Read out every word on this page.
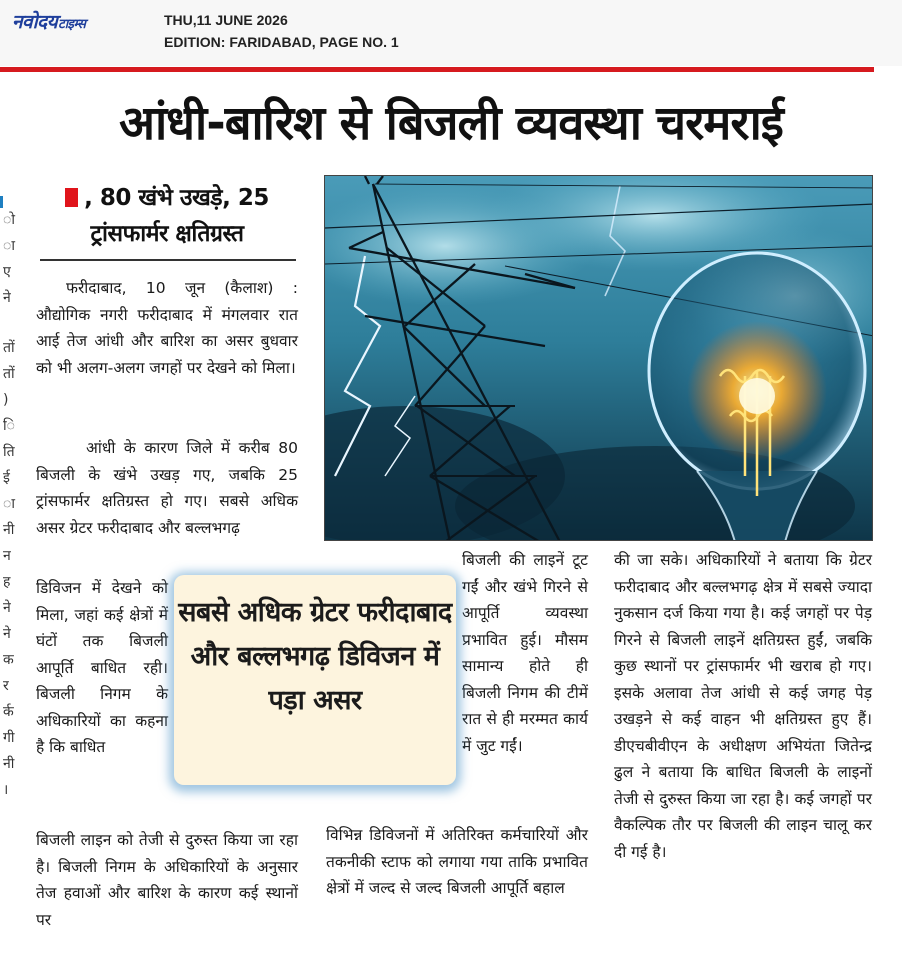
नवोदयटाइम्स	THU,11 JUNE 2026
EDITION: FARIDABAD, PAGE NO. 1
ो
ा
ए
ने
तों
तों
)
ि
ति
ई
ा
नी
न
ह
ने
ने
क
र
र्क
गी
नी
।
आंधी-बारिश से बिजली व्यवस्था चरमराई
, 80 खंभे उखड़े, 25 ट्रांसफार्मर क्षतिग्रस्त
फरीदाबाद, 10 जून (कैलाश) : औद्योगिक नगरी फरीदाबाद में मंगलवार रात आई तेज आंधी और बारिश का असर बुधवार को भी अलग-अलग जगहों पर देखने को मिला।
आंधी के कारण जिले में करीब 80 बिजली के खंभे उखड़ गए, जबकि 25 ट्रांसफार्मर क्षतिग्रस्त हो गए। सबसे अधिक असर ग्रेटर फरीदाबाद और बल्लभगढ़
डिविजन में देखने को मिला, जहां कई क्षेत्रों में घंटों तक बिजली आपूर्ति बाधित रही। बिजली निगम के अधिकारियों का कहना है कि बाधित
बिजली लाइन को तेजी से दुरुस्त किया जा रहा है। बिजली निगम के अधिकारियों के अनुसार तेज हवाओं और बारिश के कारण कई स्थानों पर
बिजली की लाइनें टूट गईं और खंभे गिरने से आपूर्ति व्यवस्था प्रभावित हुई। मौसम सामान्य होते ही बिजली निगम की टीमें रात से ही मरम्मत कार्य में जुट गईं।
विभिन्न डिविजनों में अतिरिक्त कर्मचारियों और तकनीकी स्टाफ को लगाया गया ताकि प्रभावित क्षेत्रों में जल्द से जल्द बिजली आपूर्ति बहाल
की जा सके। अधिकारियों ने बताया कि ग्रेटर फरीदाबाद और बल्लभगढ़ क्षेत्र में सबसे ज्यादा नुकसान दर्ज किया गया है। कई जगहों पर पेड़ गिरने से बिजली लाइनें क्षतिग्रस्त हुईं, जबकि कुछ स्थानों पर ट्रांसफार्मर भी खराब हो गए। इसके अलावा तेज आंधी से कई जगह पेड़ उखड़ने से कई वाहन भी क्षतिग्रस्त हुए हैं। डीएचबीवीएन के अधीक्षण अभियंता जितेन्द्र ढुल ने बताया कि बाधित बिजली के लाइनों तेजी से दुरुस्त किया जा रहा है। कई जगहों पर वैकल्पिक तौर पर बिजली की लाइन चालू कर दी गई है।
सबसे अधिक ग्रेटर फरीदाबाद और बल्लभगढ़ डिविजन में पड़ा असर
